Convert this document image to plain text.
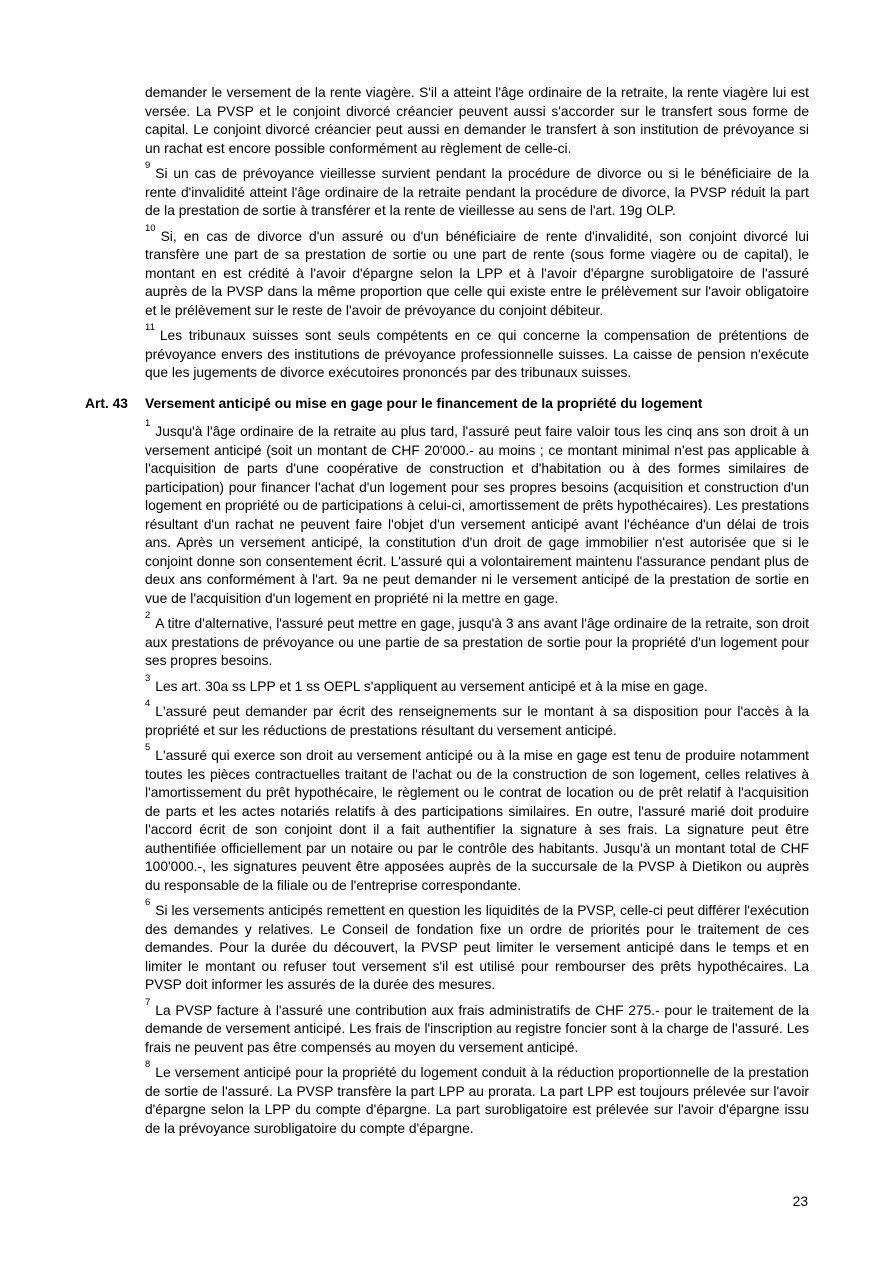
demander le versement de la rente viagère. S'il a atteint l'âge ordinaire de la retraite, la rente viagère lui est versée. La PVSP et le conjoint divorcé créancier peuvent aussi s'accorder sur le transfert sous forme de capital. Le conjoint divorcé créancier peut aussi en demander le transfert à son institution de prévoyance si un rachat est encore possible conformément au règlement de celle-ci.

$^9$Si un cas de prévoyance vieillesse survient pendant la procédure de divorce ou si le bénéficiaire de la rente d'invalidité atteint l'âge ordinaire de la retraite pendant la procédure de divorce, la PVSP réduit la part de la prestation de sortie à transférer et la rente de vieillesse au sens de l'art. 19g OLP.

$^{10}$Si, en cas de divorce d'un assuré ou d'un bénéficiaire de rente d'invalidité, son conjoint divorcé lui transfère une part de sa prestation de sortie ou une part de rente (sous forme viagère ou de capital), le montant en est crédité à l'avoir d'épargne selon la LPP et à l'avoir d'épargne surobligatoire de l'assuré auprès de la PVSP dans la même proportion que celle qui existe entre le prélèvement sur l'avoir obligatoire et le prélèvement sur le reste de l'avoir de prévoyance du conjoint débiteur.

$^{11}$Les tribunaux suisses sont seuls compétents en ce qui concerne la compensation de prétentions de prévoyance envers des institutions de prévoyance professionnelle suisses. La caisse de pension n'exécute que les jugements de divorce exécutoires prononcés par des tribunaux suisses.

Art. 43	Versement anticipé ou mise en gage pour le financement de la propriété du logement

$^1$Jusqu'à l'âge ordinaire de la retraite au plus tard, l'assuré peut faire valoir tous les cinq ans son droit à un versement anticipé (soit un montant de CHF 20'000.- au moins ; ce montant minimal n'est pas applicable à l'acquisition de parts d'une coopérative de construction et d'habitation ou à des formes similaires de participation) pour financer l'achat d'un logement pour ses propres besoins (acquisition et construction d'un logement en propriété ou de participations à celui-ci, amortissement de prêts hypothécaires). Les prestations résultant d'un rachat ne peuvent faire l'objet d'un versement anticipé avant l'échéance d'un délai de trois ans. Après un versement anticipé, la constitution d'un droit de gage immobilier n'est autorisée que si le conjoint donne son consentement écrit. L'assuré qui a volontairement maintenu l'assurance pendant plus de deux ans conformément à l'art. 9a ne peut demander ni le versement anticipé de la prestation de sortie en vue de l'acquisition d'un logement en propriété ni la mettre en gage.

$^2$A titre d'alternative, l'assuré peut mettre en gage, jusqu'à 3 ans avant l'âge ordinaire de la retraite, son droit aux prestations de prévoyance ou une partie de sa prestation de sortie pour la propriété d'un logement pour ses propres besoins.

$^3$Les art. 30a ss LPP et 1 ss OEPL s'appliquent au versement anticipé et à la mise en gage.

$^4$L'assuré peut demander par écrit des renseignements sur le montant à sa disposition pour l'accès à la propriété et sur les réductions de prestations résultant du versement anticipé.

$^5$L'assuré qui exerce son droit au versement anticipé ou à la mise en gage est tenu de produire notamment toutes les pièces contractuelles traitant de l'achat ou de la construction de son logement, celles relatives à l'amortissement du prêt hypothécaire, le règlement ou le contrat de location ou de prêt relatif à l'acquisition de parts et les actes notariés relatifs à des participations similaires. En outre, l'assuré marié doit produire l'accord écrit de son conjoint dont il a fait authentifier la signature à ses frais. La signature peut être authentifiée officiellement par un notaire ou par le contrôle des habitants. Jusqu'à un montant total de CHF 100'000.-, les signatures peuvent être apposées auprès de la succursale de la PVSP à Dietikon ou auprès du responsable de la filiale ou de l'entreprise correspondante.

$^6$Si les versements anticipés remettent en question les liquidités de la PVSP, celle-ci peut différer l'exécution des demandes y relatives. Le Conseil de fondation fixe un ordre de priorités pour le traitement de ces demandes. Pour la durée du découvert, la PVSP peut limiter le versement anticipé dans le temps et en limiter le montant ou refuser tout versement s'il est utilisé pour rembourser des prêts hypothécaires. La PVSP doit informer les assurés de la durée des mesures.

$^7$La PVSP facture à l'assuré une contribution aux frais administratifs de CHF 275.- pour le traitement de la demande de versement anticipé. Les frais de l'inscription au registre foncier sont à la charge de l'assuré. Les frais ne peuvent pas être compensés au moyen du versement anticipé.

$^8$Le versement anticipé pour la propriété du logement conduit à la réduction proportionnelle de la prestation de sortie de l'assuré. La PVSP transfère la part LPP au prorata. La part LPP est toujours prélevée sur l'avoir d'épargne selon la LPP du compte d'épargne. La part surobligatoire est prélevée sur l'avoir d'épargne issu de la prévoyance surobligatoire du compte d'épargne.

23
